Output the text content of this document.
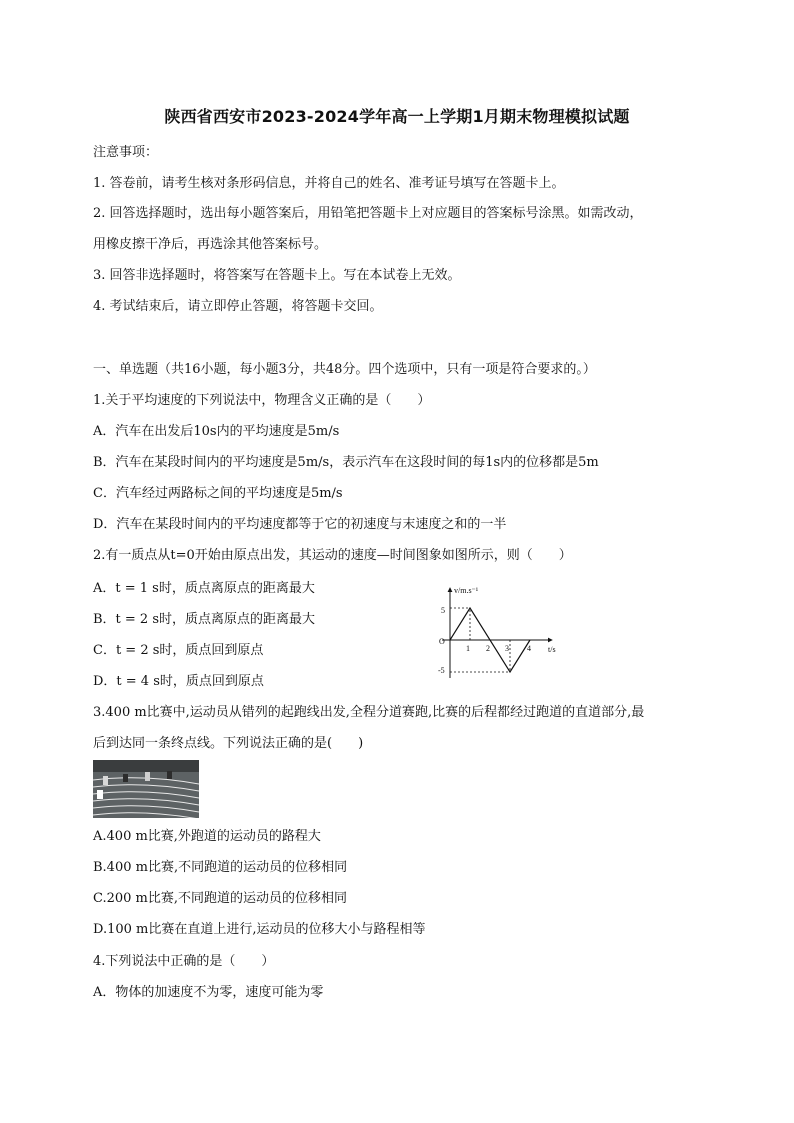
陕西省西安市2023-2024学年高一上学期1月期末物理模拟试题
注意事项：
1. 答卷前，请考生核对条形码信息，并将自己的姓名、准考证号填写在答题卡上。
2. 回答选择题时，选出每小题答案后，用铅笔把答题卡上对应题目的答案标号涂黑。如需改动，
用橡皮擦干净后，再选涂其他答案标号。
3. 回答非选择题时，将答案写在答题卡上。写在本试卷上无效。
4. 考试结束后，请立即停止答题，将答题卡交回。
一、单选题（共16小题，每小题3分，共48分。四个选项中，只有一项是符合要求的。）
1.关于平均速度的下列说法中，物理含义正确的是（　　）
A．汽车在出发后10s内的平均速度是5m/s
B．汽车在某段时间内的平均速度是5m/s，表示汽车在这段时间的每1s内的位移都是5m
C．汽车经过两路标之间的平均速度是5m/s
D．汽车在某段时间内的平均速度都等于它的初速度与末速度之和的一半
2.有一质点从t=0开始由原点出发，其运动的速度—时间图象如图所示，则（　　）
A．t = 1 s时，质点离原点的距离最大
B．t = 2 s时，质点离原点的距离最大
C．t = 2 s时，质点回到原点
D．t = 4 s时，质点回到原点
v/m.s⁻¹
t/s
O
5
-5
1 2 3 4
3.400 m比赛中,运动员从错列的起跑线出发,全程分道赛跑,比赛的后程都经过跑道的直道部分,最
后到达同一条终点线。下列说法正确的是(　　)
A.400 m比赛,外跑道的运动员的路程大
B.400 m比赛,不同跑道的运动员的位移相同
C.200 m比赛,不同跑道的运动员的位移相同
D.100 m比赛在直道上进行,运动员的位移大小与路程相等
4.下列说法中正确的是（　　）
A．物体的加速度不为零，速度可能为零
